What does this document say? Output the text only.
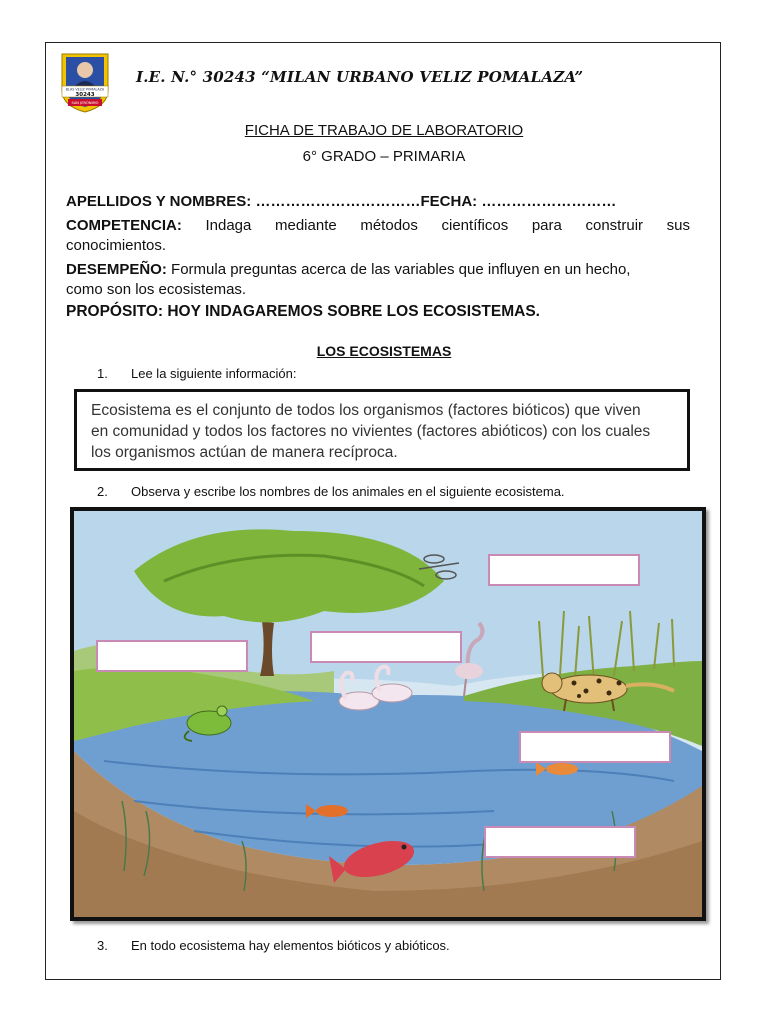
BLAS VELIZ POMALAZA
30243
SAN JERÓNIMO
I.E. N.° 30243 “MILAN URBANO VELIZ POMALAZA”
FICHA DE TRABAJO DE LABORATORIO
6° GRADO – PRIMARIA
APELLIDOS Y NOMBRES: ……………………………FECHA: ………………………
COMPETENCIA: Indaga mediante métodos científicos para construir sus
conocimientos.
DESEMPEÑO: Formula preguntas acerca de las variables que influyen en un hecho,
como son los ecosistemas.
PROPÓSITO: HOY INDAGAREMOS SOBRE LOS ECOSISTEMAS.
LOS ECOSISTEMAS
1. Lee la siguiente información:
Ecosistema es el conjunto de todos los organismos (factores bióticos) que viven
en comunidad y todos los factores no vivientes (factores abióticos) con los cuales
los organismos actúan de manera recíproca.
2. Observa y escribe los nombres de los animales en el siguiente ecosistema.
3. En todo ecosistema hay elementos bióticos y abióticos.
